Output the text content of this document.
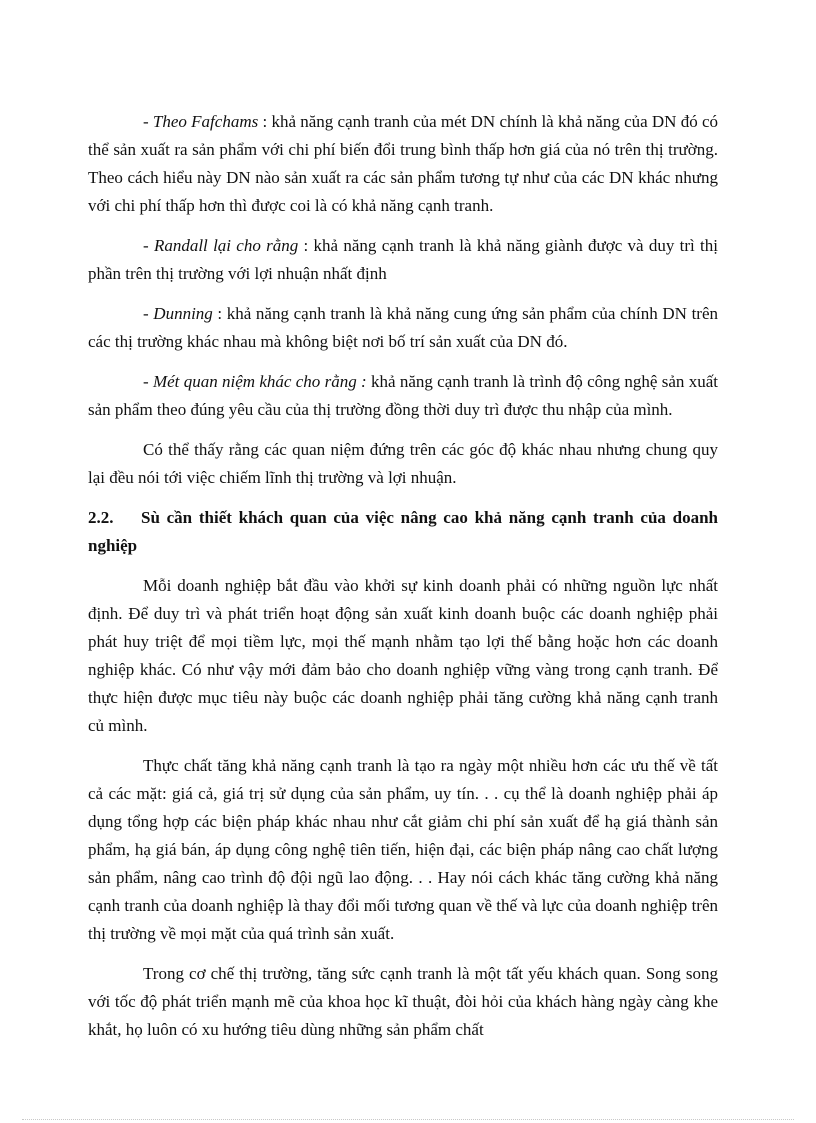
- Theo Fafchams : khả năng cạnh tranh của mét DN chính là khả năng của DN đó có thể sản xuất ra sản phẩm với chi phí biến đổi trung bình thấp hơn giá của nó trên thị trường. Theo cách hiểu này DN nào sản xuất ra các sản phẩm tương tự như của các DN khác nhưng với chi phí thấp hơn thì được coi là có khả năng cạnh tranh.

- Randall lại cho rằng : khả năng cạnh tranh là khả năng giành được và duy trì thị phần trên thị trường với lợi nhuận nhất định

- Dunning : khả năng cạnh tranh là khả năng cung ứng sản phẩm của chính DN trên các thị trường khác nhau mà không biệt nơi bố trí sản xuất của DN đó.

- Mét quan niệm khác cho rằng : khả năng cạnh tranh là trình độ công nghệ sản xuất sản phẩm theo đúng yêu cầu của thị trường đồng thời duy trì được thu nhập của mình.

Có thể thấy rằng các quan niệm đứng trên các góc độ khác nhau nhưng chung quy lại đều nói tới việc chiếm lĩnh thị trường và lợi nhuận.

2.2. Sù cần thiết khách quan của việc nâng cao khả năng cạnh tranh của doanh nghiệp

Mỗi doanh nghiệp bắt đầu vào khởi sự kinh doanh phải có những nguồn lực nhất định. Để duy trì và phát triển hoạt động sản xuất kinh doanh buộc các doanh nghiệp phải phát huy triệt để mọi tiềm lực, mọi thế mạnh nhằm tạo lợi thế bằng hoặc hơn các doanh nghiệp khác. Có như vậy mới đảm bảo cho doanh nghiệp vững vàng trong cạnh tranh. Để thực hiện được mục tiêu này buộc các doanh nghiệp phải tăng cường khả năng cạnh tranh củ mình.

Thực chất tăng khả năng cạnh tranh là tạo ra ngày một nhiều hơn các ưu thế về tất cả các mặt: giá cả, giá trị sử dụng của sản phẩm, uy tín. . . cụ thể là doanh nghiệp phải áp dụng tổng hợp các biện pháp khác nhau như cắt giảm chi phí sản xuất để hạ giá thành sản phẩm, hạ giá bán, áp dụng công nghệ tiên tiến, hiện đại, các biện pháp nâng cao chất lượng sản phẩm, nâng cao trình độ đội ngũ lao động. . . Hay nói cách khác tăng cường khả năng cạnh tranh của doanh nghiệp là thay đổi mối tương quan về thế và lực của doanh nghiệp trên thị trường về mọi mặt của quá trình sản xuất.

Trong cơ chế thị trường, tăng sức cạnh tranh là một tất yếu khách quan. Song song với tốc độ phát triển mạnh mẽ của khoa học kĩ thuật, đòi hỏi của khách hàng ngày càng khe khắt, họ luôn có xu hướng tiêu dùng những sản phẩm chất
